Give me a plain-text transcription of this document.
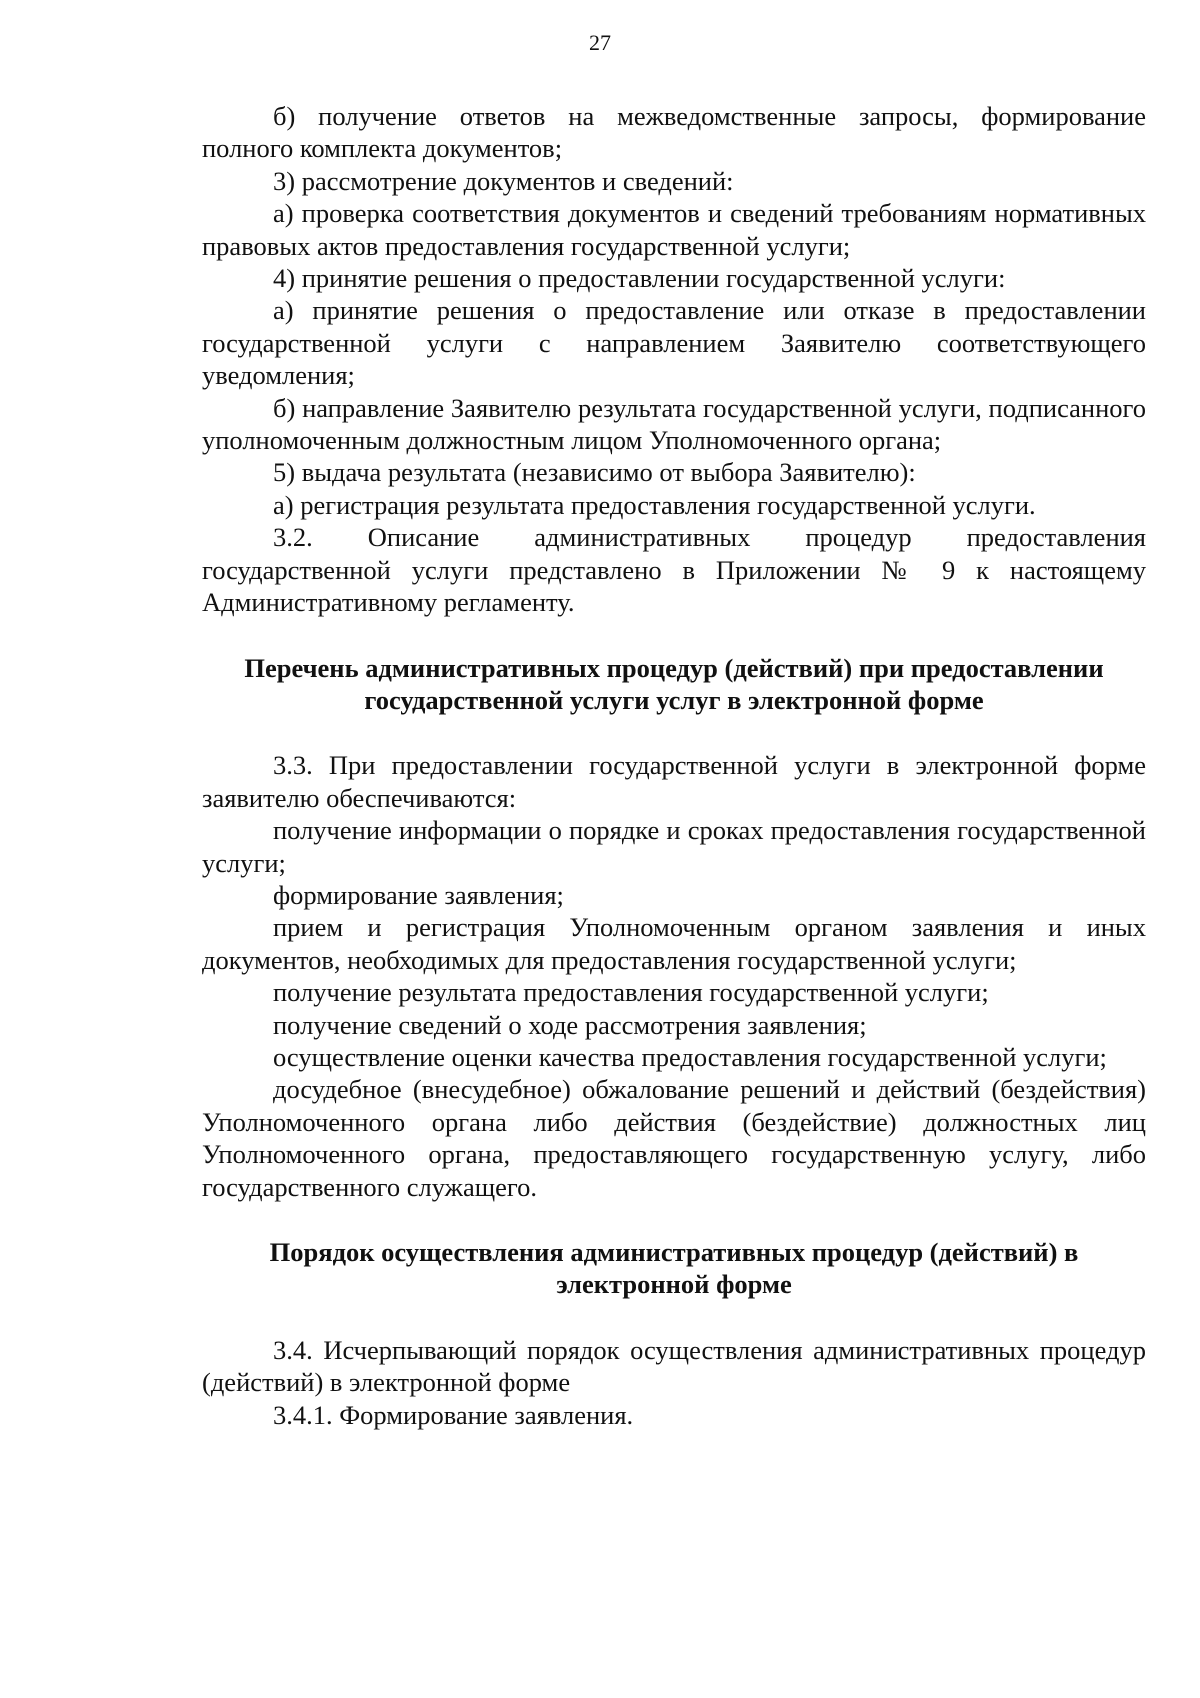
27

б) получение ответов на межведомственные запросы, формирование полного комплекта документов;

3) рассмотрение документов и сведений:

а) проверка соответствия документов и сведений требованиям нормативных правовых актов предоставления государственной услуги;

4) принятие решения о предоставлении государственной услуги:

а) принятие решения о предоставление или отказе в предоставлении государственной услуги с направлением Заявителю соответствующего уведомления;

б) направление Заявителю результата государственной услуги, подписанного уполномоченным должностным лицом Уполномоченного органа;

5) выдача результата (независимо от выбора Заявителю):

а) регистрация результата предоставления государственной услуги.

3.2. Описание административных процедур предоставления государственной услуги представлено в Приложении № 9 к настоящему Административному регламенту.

Перечень административных процедур (действий) при предоставлении
государственной услуги услуг в электронной форме

3.3. При предоставлении государственной услуги в электронной форме заявителю обеспечиваются:

получение информации о порядке и сроках предоставления государственной услуги;

формирование заявления;

прием и регистрация Уполномоченным органом заявления и иных документов, необходимых для предоставления государственной услуги;

получение результата предоставления государственной услуги;

получение сведений о ходе рассмотрения заявления;

осуществление оценки качества предоставления государственной услуги;

досудебное (внесудебное) обжалование решений и действий (бездействия) Уполномоченного органа либо действия (бездействие) должностных лиц Уполномоченного органа, предоставляющего государственную услугу, либо государственного служащего.

Порядок осуществления административных процедур (действий) в
электронной форме

3.4. Исчерпывающий порядок осуществления административных процедур (действий) в электронной форме

3.4.1. Формирование заявления.
